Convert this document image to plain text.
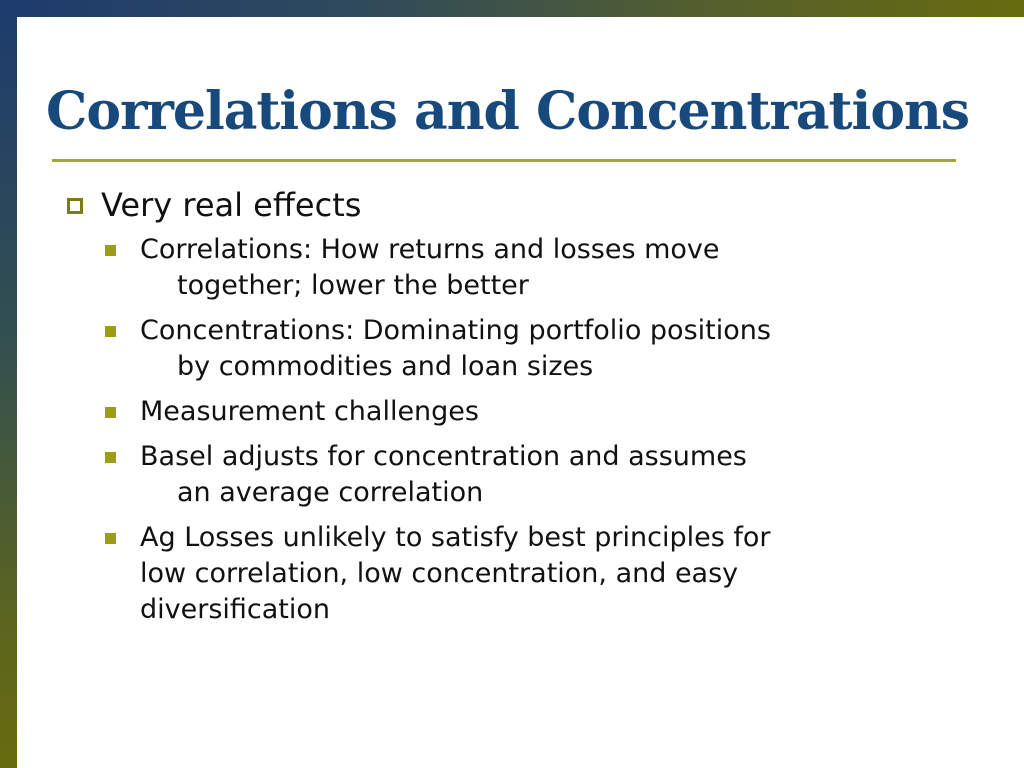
Correlations and Concentrations
Very real effects
Correlations: How returns and losses move
together; lower the better
Concentrations: Dominating portfolio positions
by commodities and loan sizes
Measurement challenges
Basel adjusts for concentration and assumes
an average correlation
Ag Losses unlikely to satisfy best principles for
low correlation, low concentration, and easy
diversification
